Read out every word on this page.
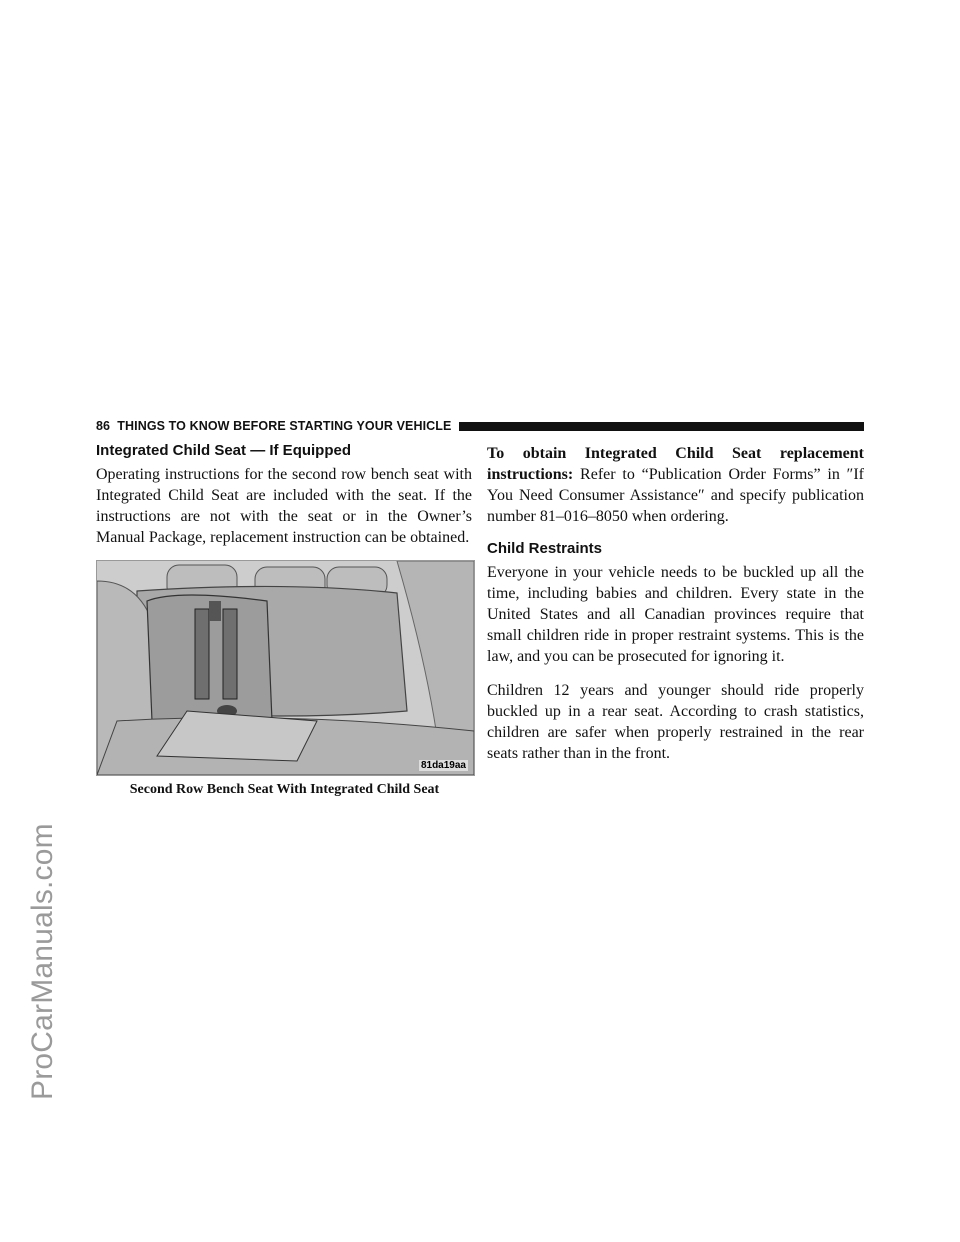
ProCarManuals.com
86 THINGS TO KNOW BEFORE STARTING YOUR VEHICLE
Integrated Child Seat — If Equipped

Operating instructions for the second row bench seat with Integrated Child Seat are included with the seat. If the instructions are not with the seat or in the Owner’s Manual Package, replacement instruction can be obtained.

81da19aa
Second Row Bench Seat With Integrated Child Seat

To obtain Integrated Child Seat replacement instructions: Refer to “Publication Order Forms” in ″If You Need Consumer Assistance″ and specify publication number 81–016–8050 when ordering.

Child Restraints

Everyone in your vehicle needs to be buckled up all the time, including babies and children. Every state in the United States and all Canadian provinces require that small children ride in proper restraint systems. This is the law, and you can be prosecuted for ignoring it.

Children 12 years and younger should ride properly buckled up in a rear seat. According to crash statistics, children are safer when properly restrained in the rear seats rather than in the front.
